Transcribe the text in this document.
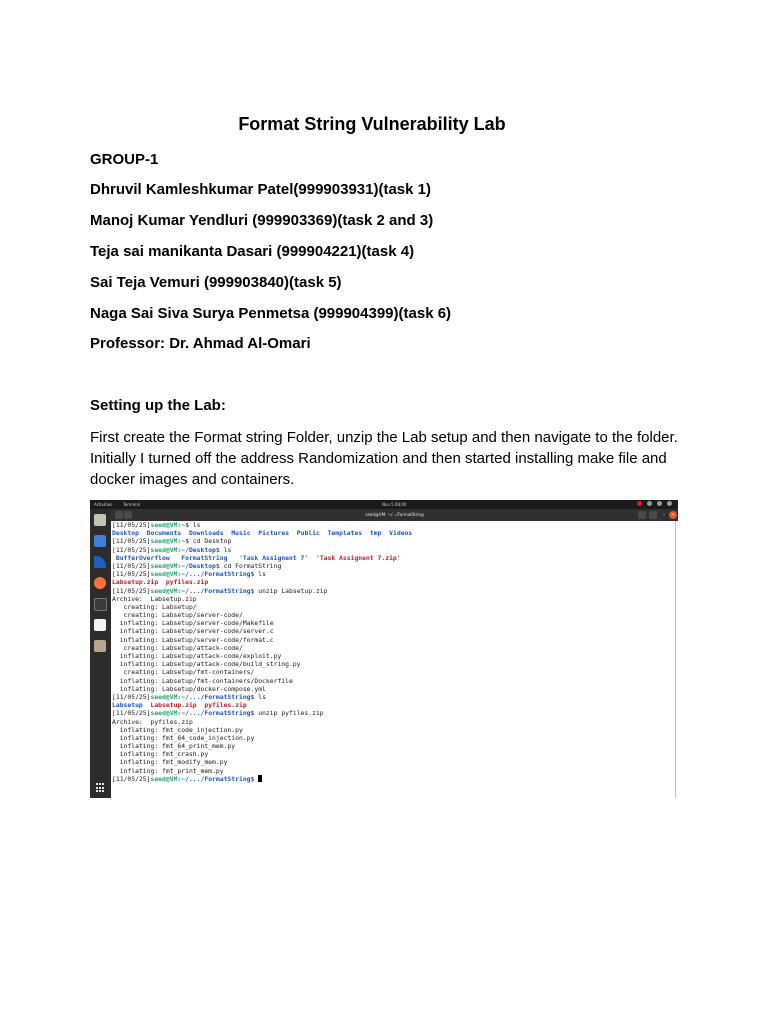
Format String Vulnerability Lab

GROUP-1

Dhruvil Kamleshkumar Patel(999903931)(task 1)

Manoj Kumar Yendluri (999903369)(task 2 and 3)

Teja sai manikanta Dasari (999904221)(task 4)

Sai Teja Vemuri (999903840)(task 5)

Naga Sai Siva Surya Penmetsa (999904399)(task 6)

Professor: Dr. Ahmad Al-Omari

Setting up the Lab:

First create the Format string Folder, unzip the Lab setup and then navigate to the folder. Initially I turned off the address Randomization and then started installing make file and docker images and containers.

Activities	Terminal	Nov 5 08:00
seed@VM: ~/.../FormatString	–	×
[11/05/25]seed@VM:~$ ls
Desktop Documents Downloads Music Pictures Public Templates tmp Videos
[11/05/25]seed@VM:~$ cd Desktop
[11/05/25]seed@VM:~/Desktop$ ls
BufferOverflow FormatString 'Task Assignent 7' 'Task Assignent 7.zip'
[11/05/25]seed@VM:~/Desktop$ cd FormatString
[11/05/25]seed@VM:~/.../FormatString$ ls
Labsetup.zip pyfiles.zip
[11/05/25]seed@VM:~/.../FormatString$ unzip Labsetup.zip
Archive:  Labsetup.zip
creating: Labsetup/
creating: Labsetup/server-code/
inflating: Labsetup/server-code/Makefile
inflating: Labsetup/server-code/server.c
inflating: Labsetup/server-code/format.c
creating: Labsetup/attack-code/
inflating: Labsetup/attack-code/exploit.py
inflating: Labsetup/attack-code/build_string.py
creating: Labsetup/fmt-containers/
inflating: Labsetup/fmt-containers/Dockerfile
inflating: Labsetup/docker-compose.yml
[11/05/25]seed@VM:~/.../FormatString$ ls
Labsetup Labsetup.zip pyfiles.zip
[11/05/25]seed@VM:~/.../FormatString$ unzip pyfiles.zip
Archive:  pyfiles.zip
inflating: fmt_code_injection.py
inflating: fmt_64_code_injection.py
inflating: fmt_64_print_mem.py
inflating: fmt_crash.py
inflating: fmt_modify_mem.py
inflating: fmt_print_mem.py
[11/05/25]seed@VM:~/.../FormatString$
